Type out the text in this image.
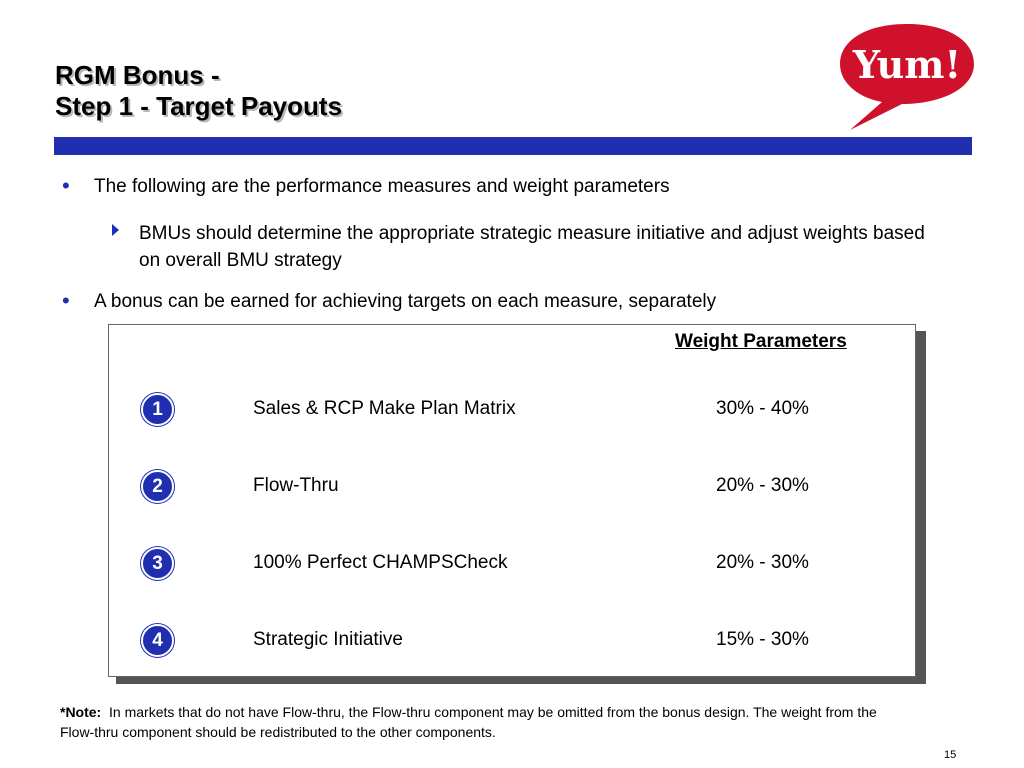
RGM Bonus -
Step 1 - Target Payouts
Yum!
• The following are the performance measures and weight parameters
BMUs should determine the appropriate strategic measure initiative and adjust weights based on overall BMU strategy
• A bonus can be earned for achieving targets on each measure, separately
Weight Parameters
1	Sales & RCP Make Plan Matrix	30% - 40%
2	Flow-Thru	20% - 30%
3	100% Perfect CHAMPSCheck	20% - 30%
4	Strategic Initiative	15% - 30%
*Note: In markets that do not have Flow-thru, the Flow-thru component may be omitted from the bonus design. The weight from the Flow-thru component should be redistributed to the other components.
15
